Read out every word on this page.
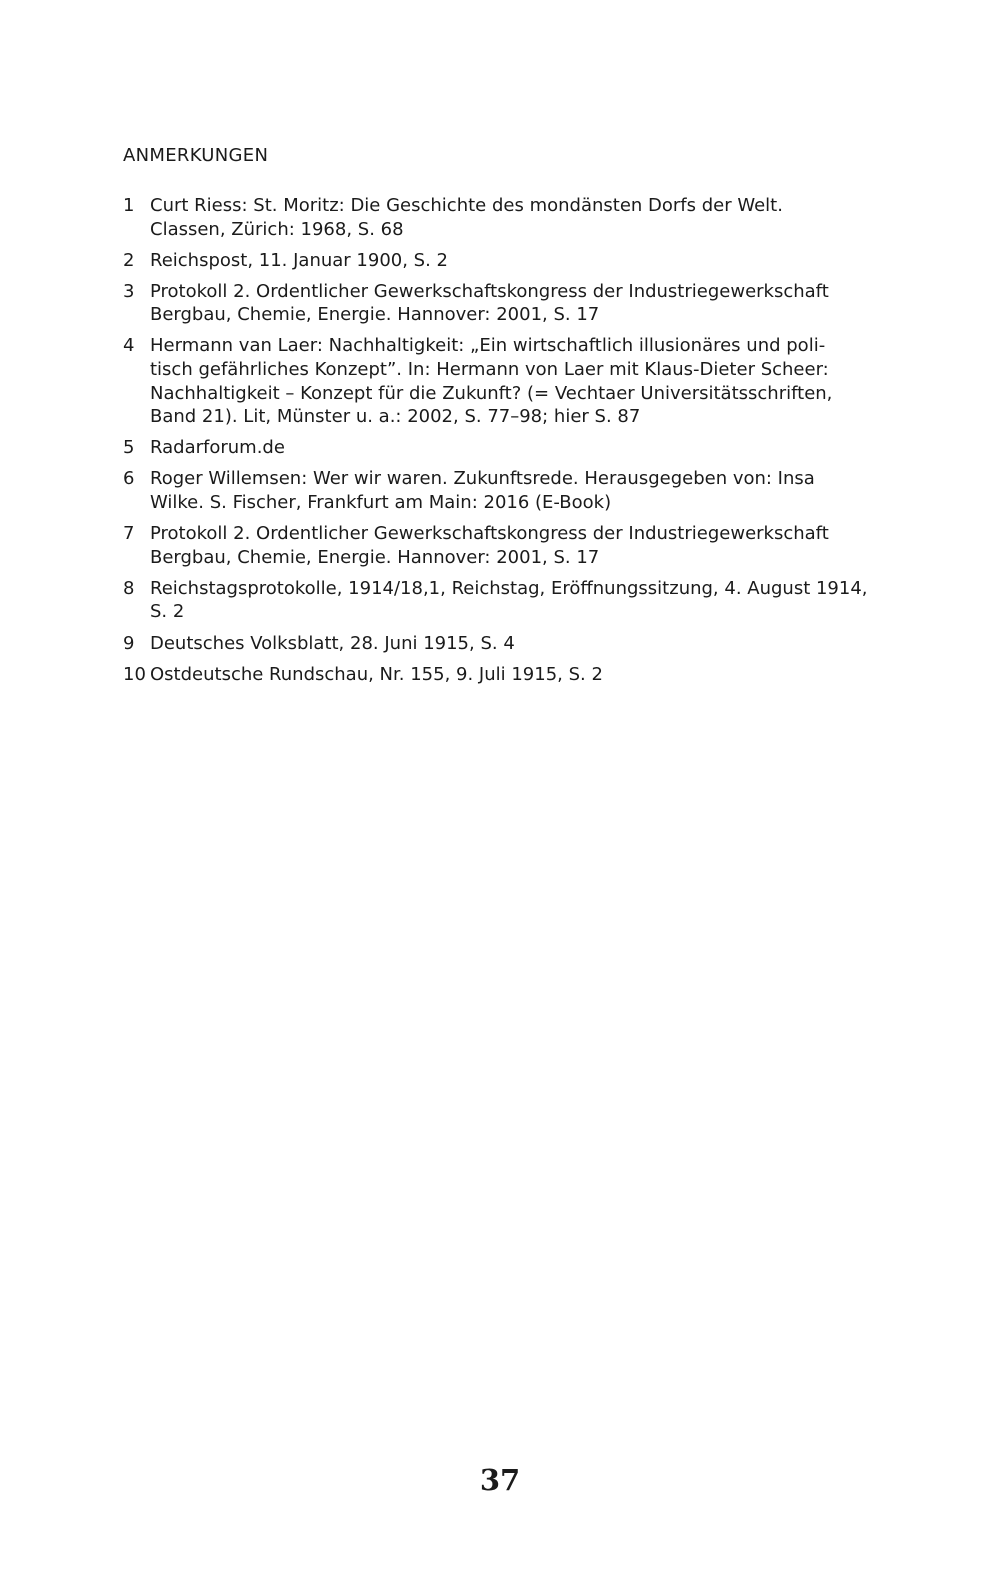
ANMERKUNGEN
1 Curt Riess: St. Moritz: Die Geschichte des mondänsten Dorfs der Welt.
Classen, Zürich: 1968, S. 68
2 Reichspost, 11. Januar 1900, S. 2
3 Protokoll 2. Ordentlicher Gewerkschaftskongress der Industriegewerkschaft
Bergbau, Chemie, Energie. Hannover: 2001, S. 17
4 Hermann van Laer: Nachhaltigkeit: „Ein wirtschaftlich illusionäres und poli-
tisch gefährliches Konzept”. In: Hermann von Laer mit Klaus-Dieter Scheer:
Nachhaltigkeit – Konzept für die Zukunft? (= Vechtaer Universitätsschriften,
Band 21). Lit, Münster u. a.: 2002, S. 77–98; hier S. 87
5 Radarforum.de
6 Roger Willemsen: Wer wir waren. Zukunftsrede. Herausgegeben von: Insa
Wilke. S. Fischer, Frankfurt am Main: 2016 (E-Book)
7 Protokoll 2. Ordentlicher Gewerkschaftskongress der Industriegewerkschaft
Bergbau, Chemie, Energie. Hannover: 2001, S. 17
8 Reichstagsprotokolle, 1914/18,1, Reichstag, Eröffnungssitzung, 4. August 1914,
S. 2
9 Deutsches Volksblatt, 28. Juni 1915, S. 4
10 Ostdeutsche Rundschau, Nr. 155, 9. Juli 1915, S. 2
37
